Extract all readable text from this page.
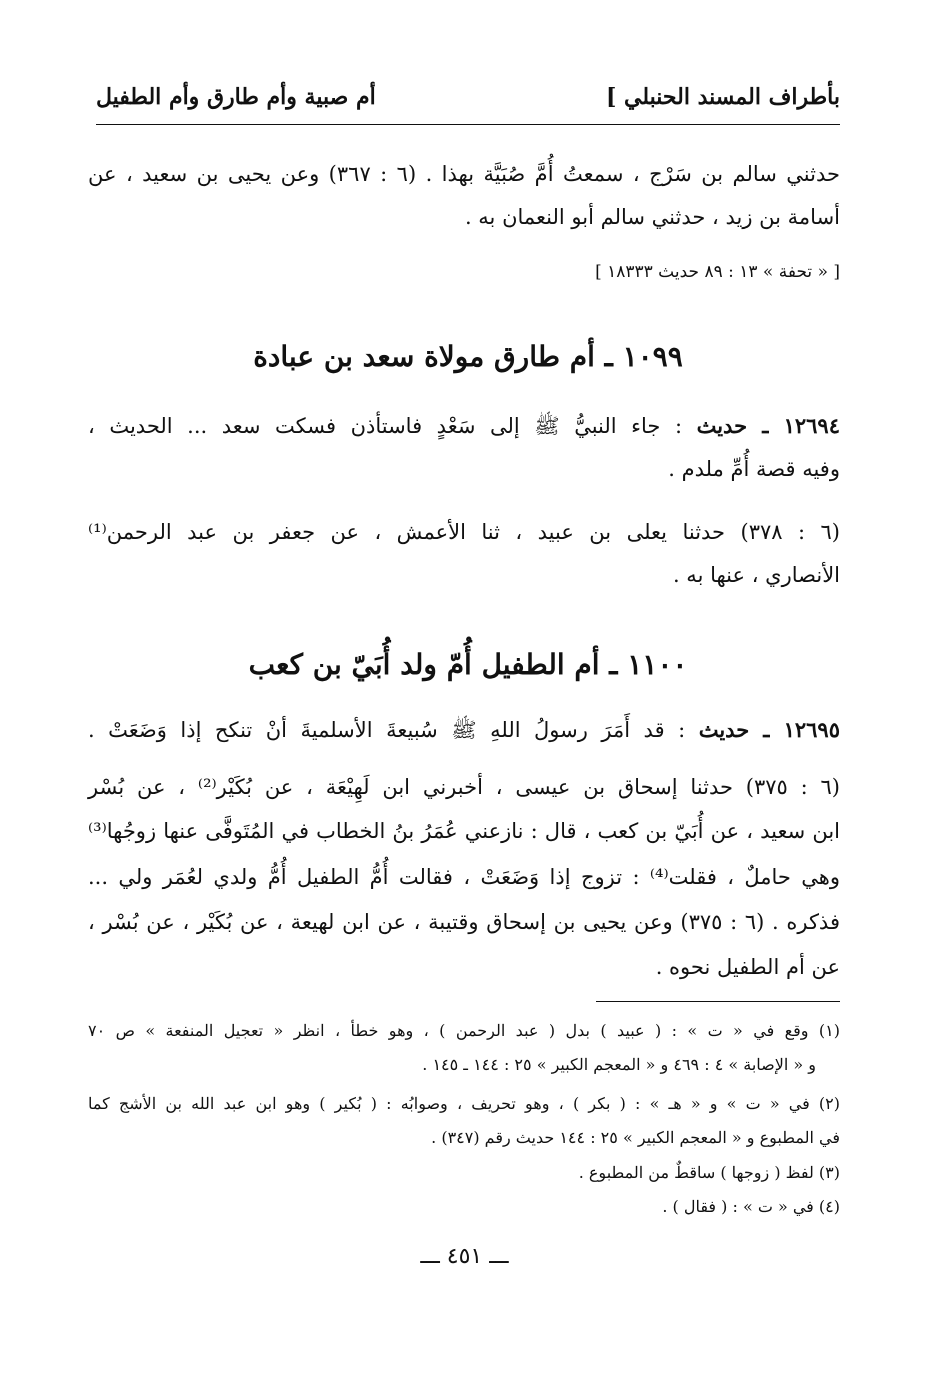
بأطراف المسند الحنبلي ]
أم صبية وأم طارق وأم الطفيل
حدثني سالم بن سَرْج ، سمعتُ أُمَّ صُبَيَّة بهذا . (٦ : ٣٦٧) وعن يحيى بن سعيد ، عن
أسامة بن زيد ، حدثني سالم أبو النعمان به .
[ « تحفة » ١٣ : ٨٩ حديث ١٨٣٣٣ ]
١٠٩٩ ـ أم طارق مولاة سعد بن عبادة
١٢٦٩٤ ـ حديث : جاء النبيُّ ﷺ إلى سَعْدٍ فاستأذن فسكت سعد ... الحديث ،
وفيه قصة أُمِّ ملدم .
(٦ : ٣٧٨) حدثنا يعلى بن عبيد ، ثنا الأعمش ، عن جعفر بن عبد الرحمن⁽¹⁾
الأنصاري ، عنها به .
١١٠٠ ـ أم الطفيل أُمّ ولد أُبَيّ بن كعب
١٢٦٩٥ ـ حديث : قد أَمَرَ رسولُ اللهِ ﷺ سُبيعةَ الأسلميةَ أنْ تنكح إذا وَضَعَتْ .
(٦ : ٣٧٥) حدثنا إسحاق بن عيسى ، أخبرني ابن لَهِيْعَة ، عن بُكَيْر⁽²⁾ ، عن بُسْر
ابن سعيد ، عن أُبَيّ بن كعب ، قال : نازعني عُمَرُ بنُ الخطاب في المُتَوفَّى عنها زوجُها⁽³⁾
وهي حاملٌ ، فقلت⁽⁴⁾ : تزوج إذا وَضَعَتْ ، فقالت أُمُّ الطفيل أُمُّ ولدي لعُمَر ولي ...
فذكره . (٦ : ٣٧٥) وعن يحيى بن إسحاق وقتيبة ، عن ابن لهيعة ، عن بُكَيْر ، عن بُسْر ،
عن أم الطفيل نحوه .
(١) وقع في « ت » : ( عبيد ) بدل ( عبد الرحمن ) ، وهو خطأ ، انظر « تعجيل المنفعة » ص ٧٠
و « الإصابة » ٤ : ٤٦٩ و « المعجم الكبير » ٢٥ : ١٤٤ ـ ١٤٥ .
(٢) في « ت » و « هـ » : ( بكر ) ، وهو تحريف ، وصوابُه : ( بُكير ) وهو ابن عبد الله بن الأشج كما
في المطبوع و « المعجم الكبير » ٢٥ : ١٤٤ حديث رقم (٣٤٧) .
(٣) لفظ ( زوجها ) ساقطٌ من المطبوع .
(٤) في « ت » : ( فقال ) .
ـــ ٤٥١ ـــ
